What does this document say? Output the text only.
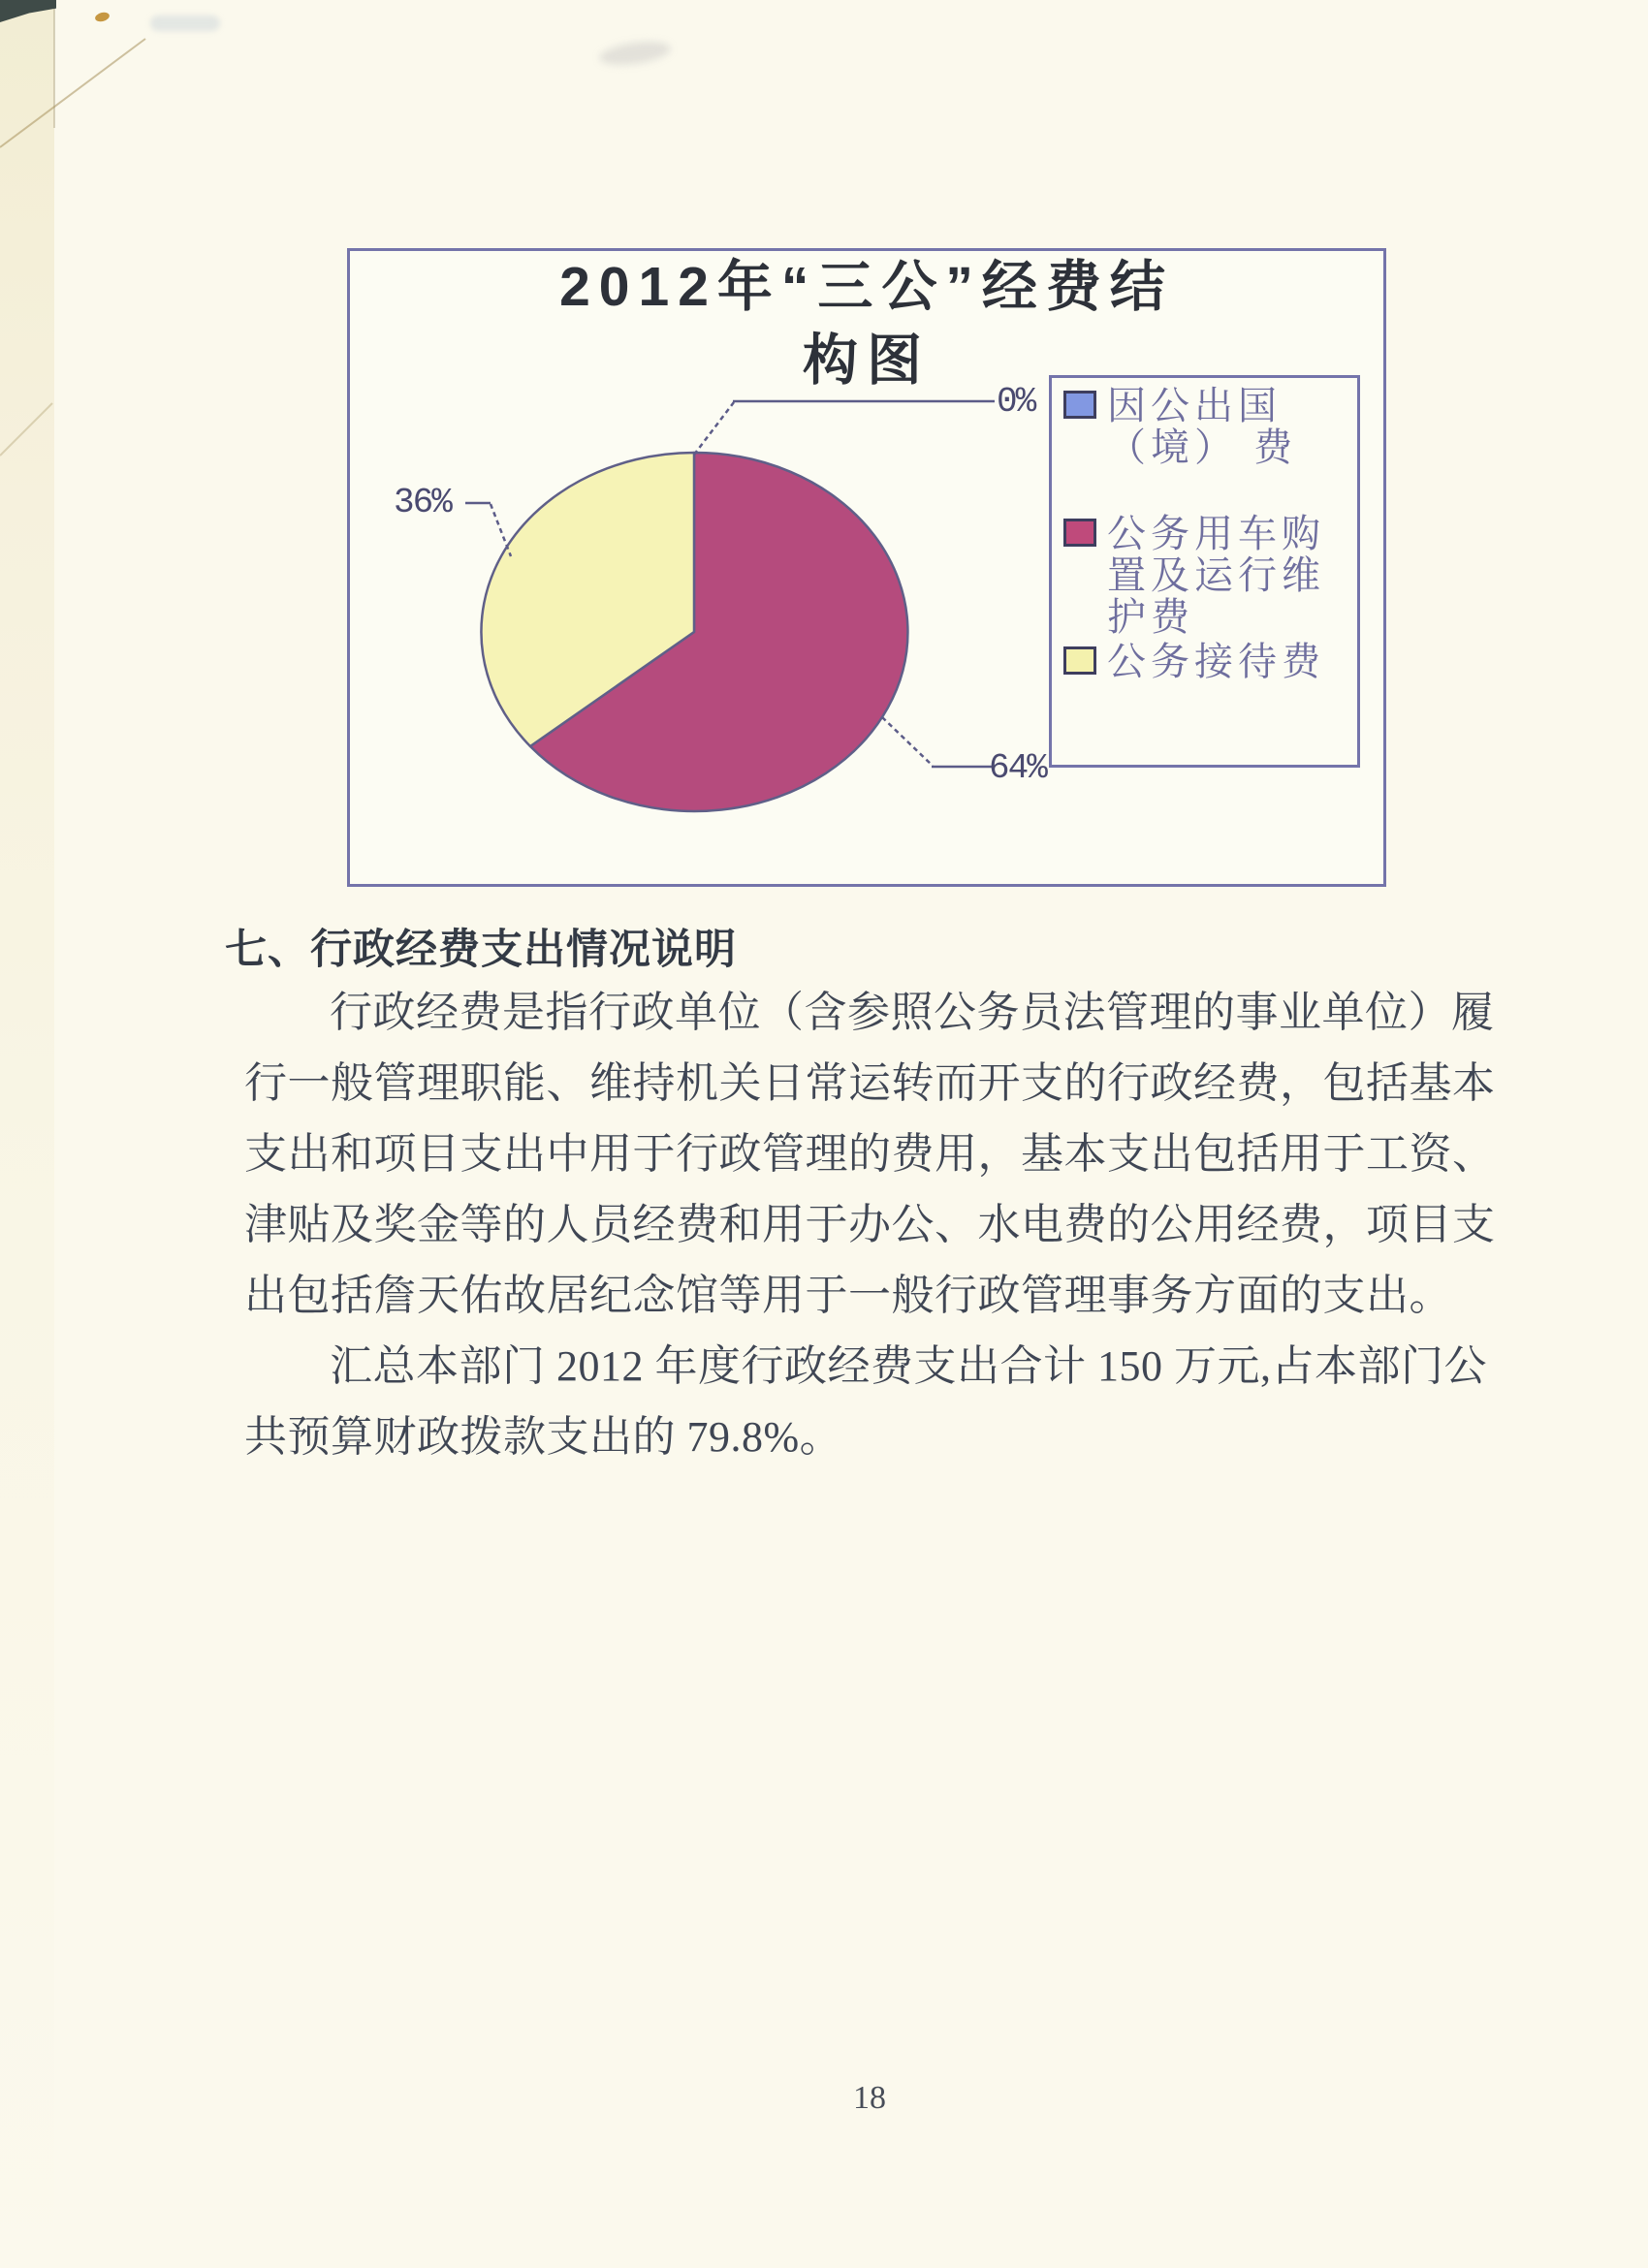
2012年“三公”经费结
构图
36%
0%
64%
因公出国
（境） 费
公务用车购
置及运行维
护费
公务接待费
七、行政经费支出情况说明
行政经费是指行政单位（含参照公务员法管理的事业单位）履
行一般管理职能、维持机关日常运转而开支的行政经费，包括基本
支出和项目支出中用于行政管理的费用，基本支出包括用于工资、
津贴及奖金等的人员经费和用于办公、水电费的公用经费，项目支
出包括詹天佑故居纪念馆等用于一般行政管理事务方面的支出。
汇总本部门 2012 年度行政经费支出合计 150 万元,占本部门公
共预算财政拨款支出的 79.8%。
18
